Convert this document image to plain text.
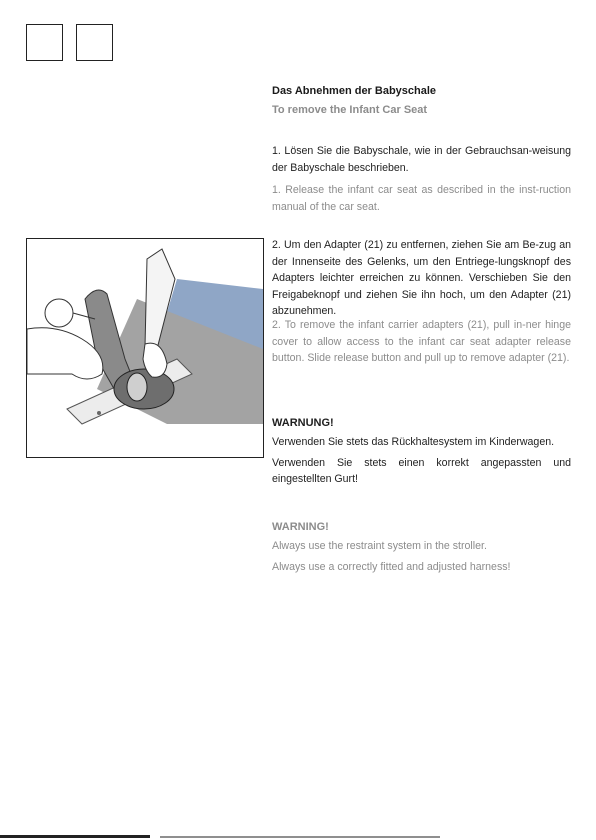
Das Abnehmen der Babyschale
To remove the Infant Car Seat

1. Lösen Sie die Babyschale, wie in der Gebrauchsan-weisung der Babyschale beschrieben.

1. Release the infant car seat as described in the inst-ruction manual of the car seat.

2. Um den Adapter (21) zu entfernen, ziehen Sie am Be-zug an der Innenseite des Gelenks, um den Entriege-lungsknopf des Adapters leichter erreichen zu können. Verschieben Sie den Freigabeknopf und ziehen Sie ihn hoch, um den Adapter (21) abzunehmen.

2. To remove the infant carrier adapters (21), pull in-ner hinge cover to allow access to the infant car seat adapter release button. Slide release button and pull up to remove adapter (21).

WARNUNG!

Verwenden Sie stets das Rückhaltesystem im Kinderwagen.

Verwenden Sie stets einen korrekt angepassten und eingestellten Gurt!

WARNING!

Always use the restraint system in the stroller.

Always use a correctly fitted and adjusted harness!
